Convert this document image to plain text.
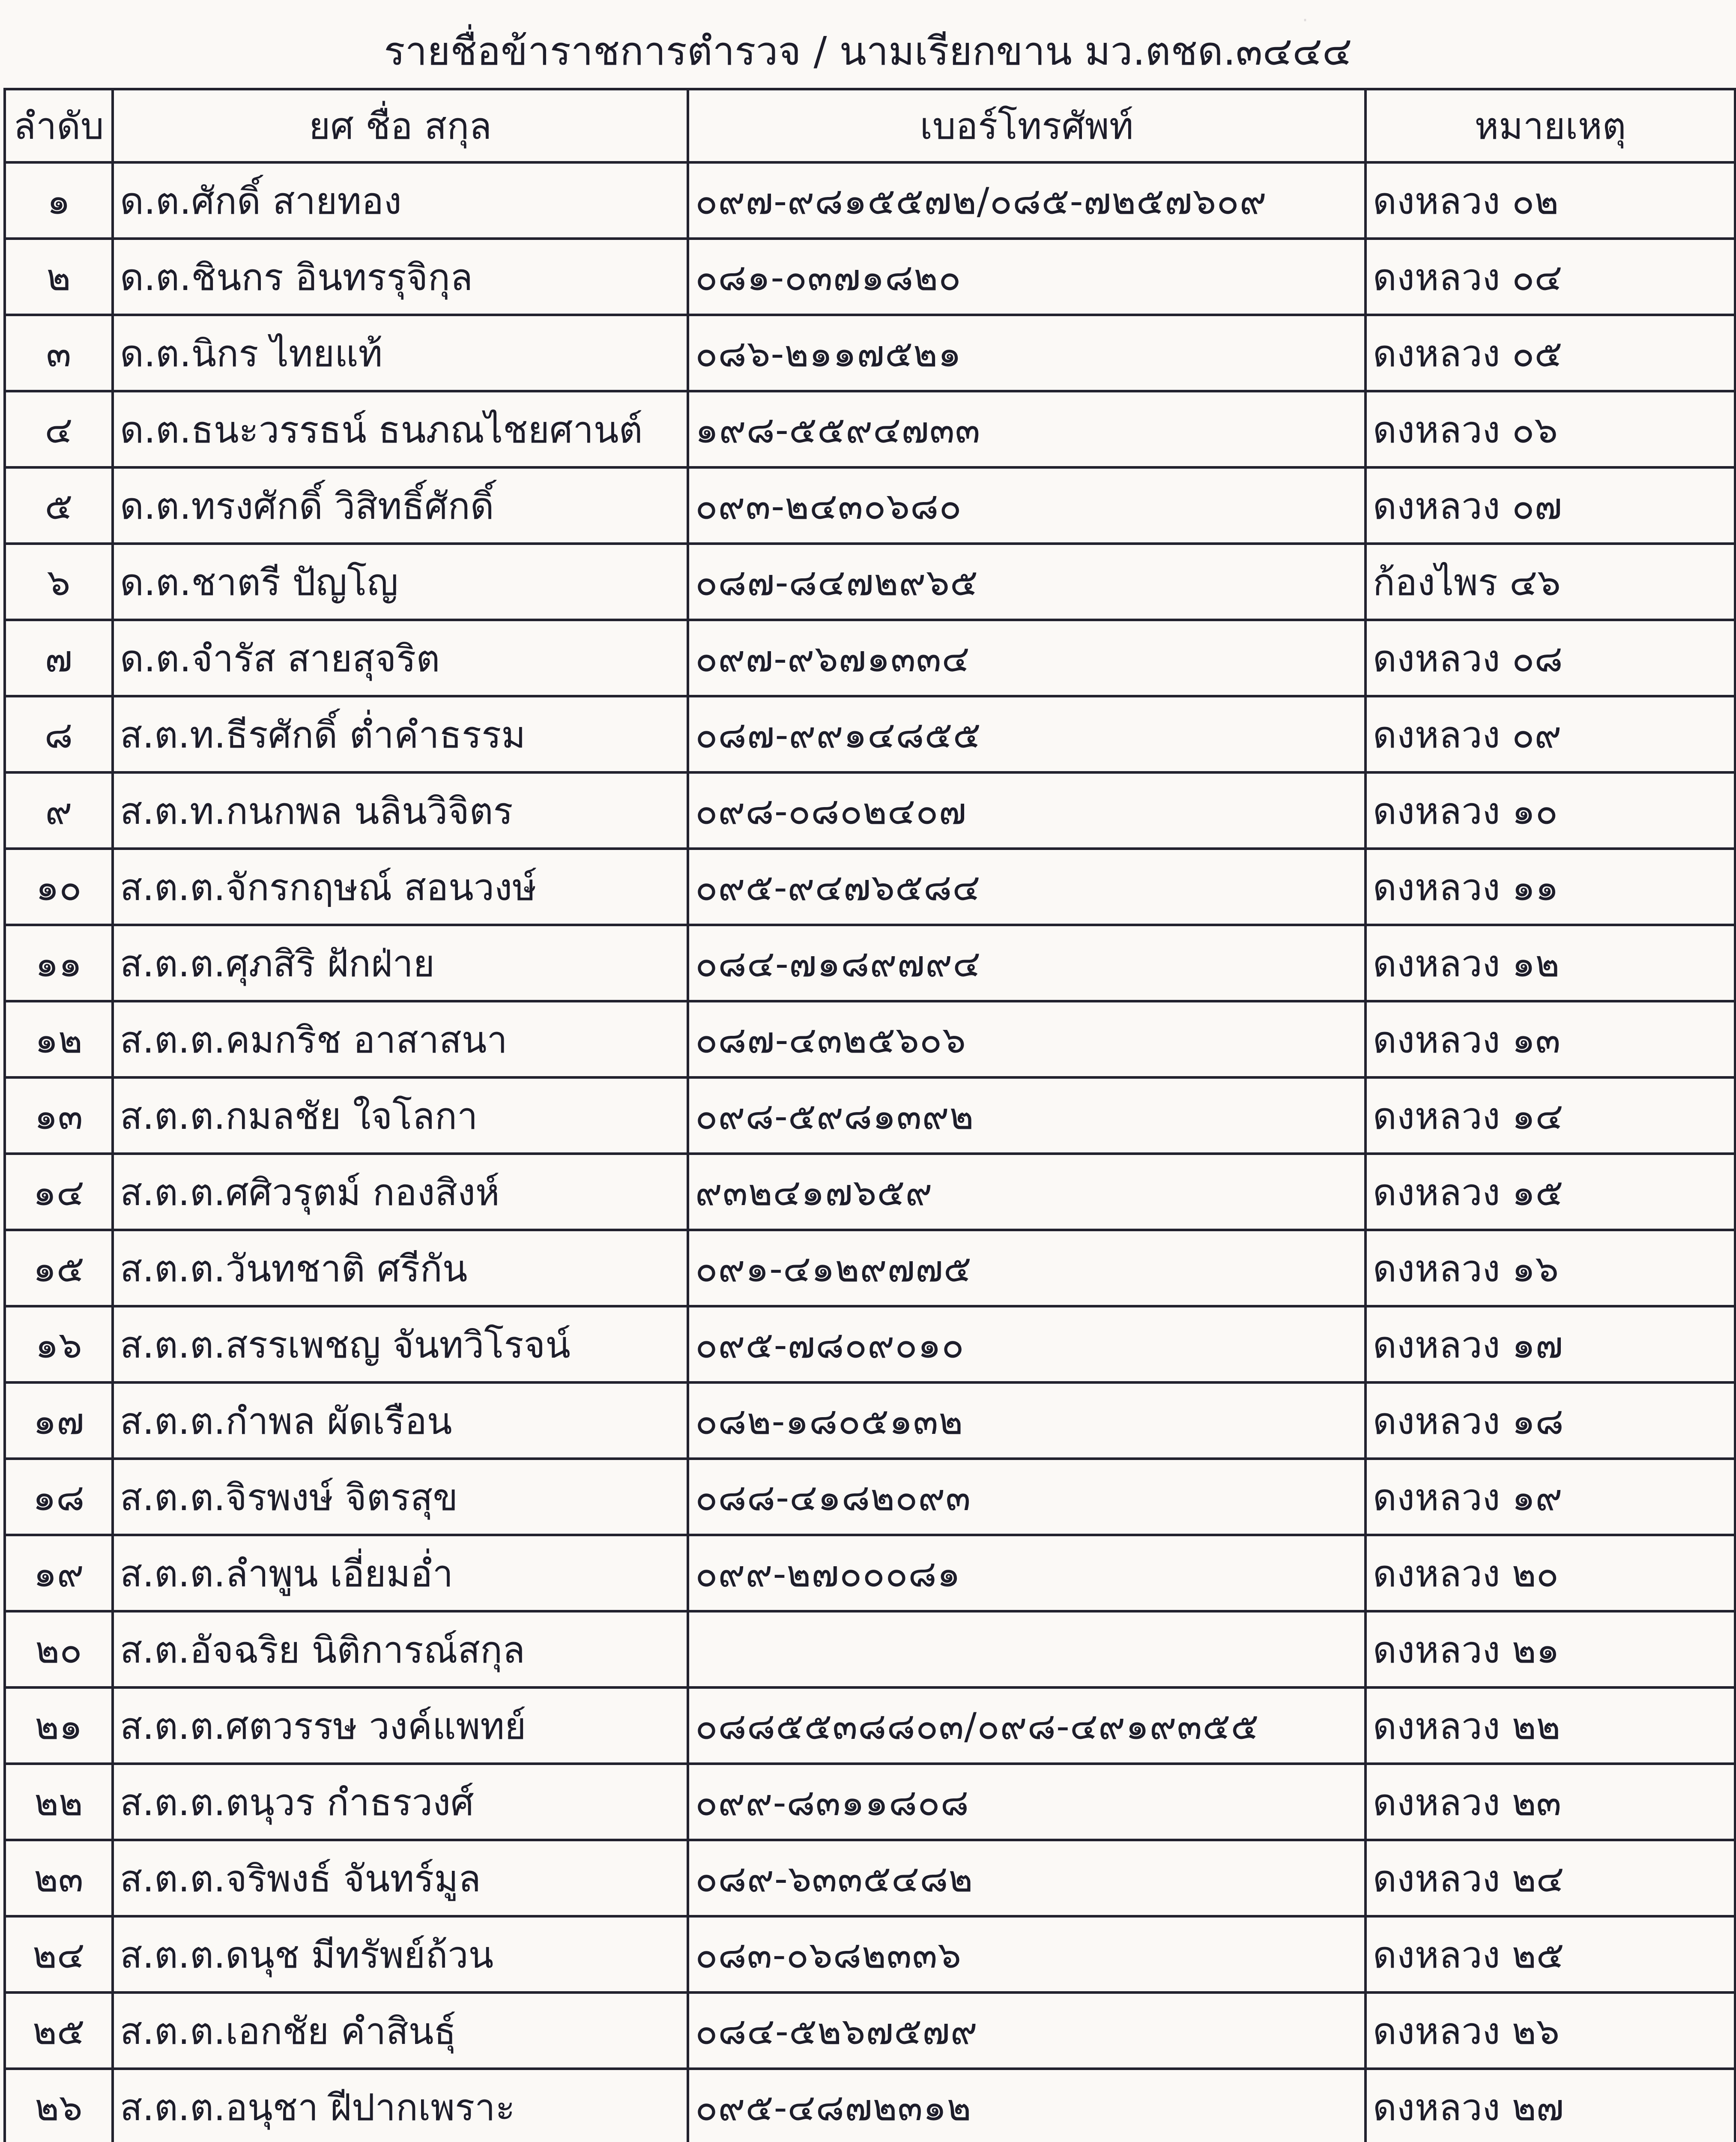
·
รายชื่อข้าราชการตำรวจ / นามเรียกขาน มว.ตชด.๓๔๔๔
ลำดับ	ยศ ชื่อ สกุล	เบอร์โทรศัพท์	หมายเหตุ
๑	ด.ต.ศักดิ์ สายทอง	๐๙๗-๙๘๑๕๕๗๒/๐๘๕-๗๒๕๗๖๐๙	ดงหลวง ๐๒
๒	ด.ต.ชินกร อินทรรุจิกุล	๐๘๑-๐๓๗๑๘๒๐	ดงหลวง ๐๔
๓	ด.ต.นิกร ไทยแท้	๐๘๖-๒๑๑๗๕๒๑	ดงหลวง ๐๕
๔	ด.ต.ธนะวรรธน์ ธนภณไชยศานต์	๑๙๘-๕๕๙๔๗๓๓	ดงหลวง ๐๖
๕	ด.ต.ทรงศักดิ์ วิสิทธิ์ศักดิ์	๐๙๓-๒๔๓๐๖๘๐	ดงหลวง ๐๗
๖	ด.ต.ชาตรี ปัญโญ	๐๘๗-๘๔๗๒๙๖๕	ก้องไพร ๔๖
๗	ด.ต.จำรัส สายสุจริต	๐๙๗-๙๖๗๑๓๓๔	ดงหลวง ๐๘
๘	ส.ต.ท.ธีรศักดิ์ ต่ำคำธรรม	๐๘๗-๙๙๑๔๘๕๕	ดงหลวง ๐๙
๙	ส.ต.ท.กนกพล นลินวิจิตร	๐๙๘-๐๘๐๒๔๐๗	ดงหลวง ๑๐
๑๐	ส.ต.ต.จักรกฤษณ์ สอนวงษ์	๐๙๕-๙๔๗๖๕๘๔	ดงหลวง ๑๑
๑๑	ส.ต.ต.ศุภสิริ ฝักฝ่าย	๐๘๔-๗๑๘๙๗๙๔	ดงหลวง ๑๒
๑๒	ส.ต.ต.คมกริช อาสาสนา	๐๘๗-๔๓๒๕๖๐๖	ดงหลวง ๑๓
๑๓	ส.ต.ต.กมลชัย ใจโลกา	๐๙๘-๕๙๘๑๓๙๒	ดงหลวง ๑๔
๑๔	ส.ต.ต.ศศิวรุตม์ กองสิงห์	๙๓๒๔๑๗๖๕๙	ดงหลวง ๑๕
๑๕	ส.ต.ต.วันทชาติ ศรีกัน	๐๙๑-๔๑๒๙๗๗๕	ดงหลวง ๑๖
๑๖	ส.ต.ต.สรรเพชญ จันทวิโรจน์	๐๙๕-๗๘๐๙๐๑๐	ดงหลวง ๑๗
๑๗	ส.ต.ต.กำพล ผัดเรือน	๐๘๒-๑๘๐๕๑๓๒	ดงหลวง ๑๘
๑๘	ส.ต.ต.จิรพงษ์ จิตรสุข	๐๘๘-๔๑๘๒๐๙๓	ดงหลวง ๑๙
๑๙	ส.ต.ต.ลำพูน เอี่ยมอ่ำ	๐๙๙-๒๗๐๐๐๘๑	ดงหลวง ๒๐
๒๐	ส.ต.อัจฉริย นิติการณ์สกุล		ดงหลวง ๒๑
๒๑	ส.ต.ต.ศตวรรษ วงค์แพทย์	๐๘๘๕๕๓๘๘๐๓/๐๙๘-๔๙๑๙๓๕๕	ดงหลวง ๒๒
๒๒	ส.ต.ต.ตนุวร กำธรวงศ์	๐๙๙-๘๓๑๑๘๐๘	ดงหลวง ๒๓
๒๓	ส.ต.ต.จริพงธ์ จันทร์มูล	๐๘๙-๖๓๓๕๔๘๒	ดงหลวง ๒๔
๒๔	ส.ต.ต.ดนุช มีทรัพย์ถ้วน	๐๘๓-๐๖๘๒๓๓๖	ดงหลวง ๒๕
๒๕	ส.ต.ต.เอกชัย คำสินธุ์	๐๘๔-๕๒๖๗๕๗๙	ดงหลวง ๒๖
๒๖	ส.ต.ต.อนุชา ฝีปากเพราะ	๐๙๕-๔๘๗๒๓๑๒	ดงหลวง ๒๗
